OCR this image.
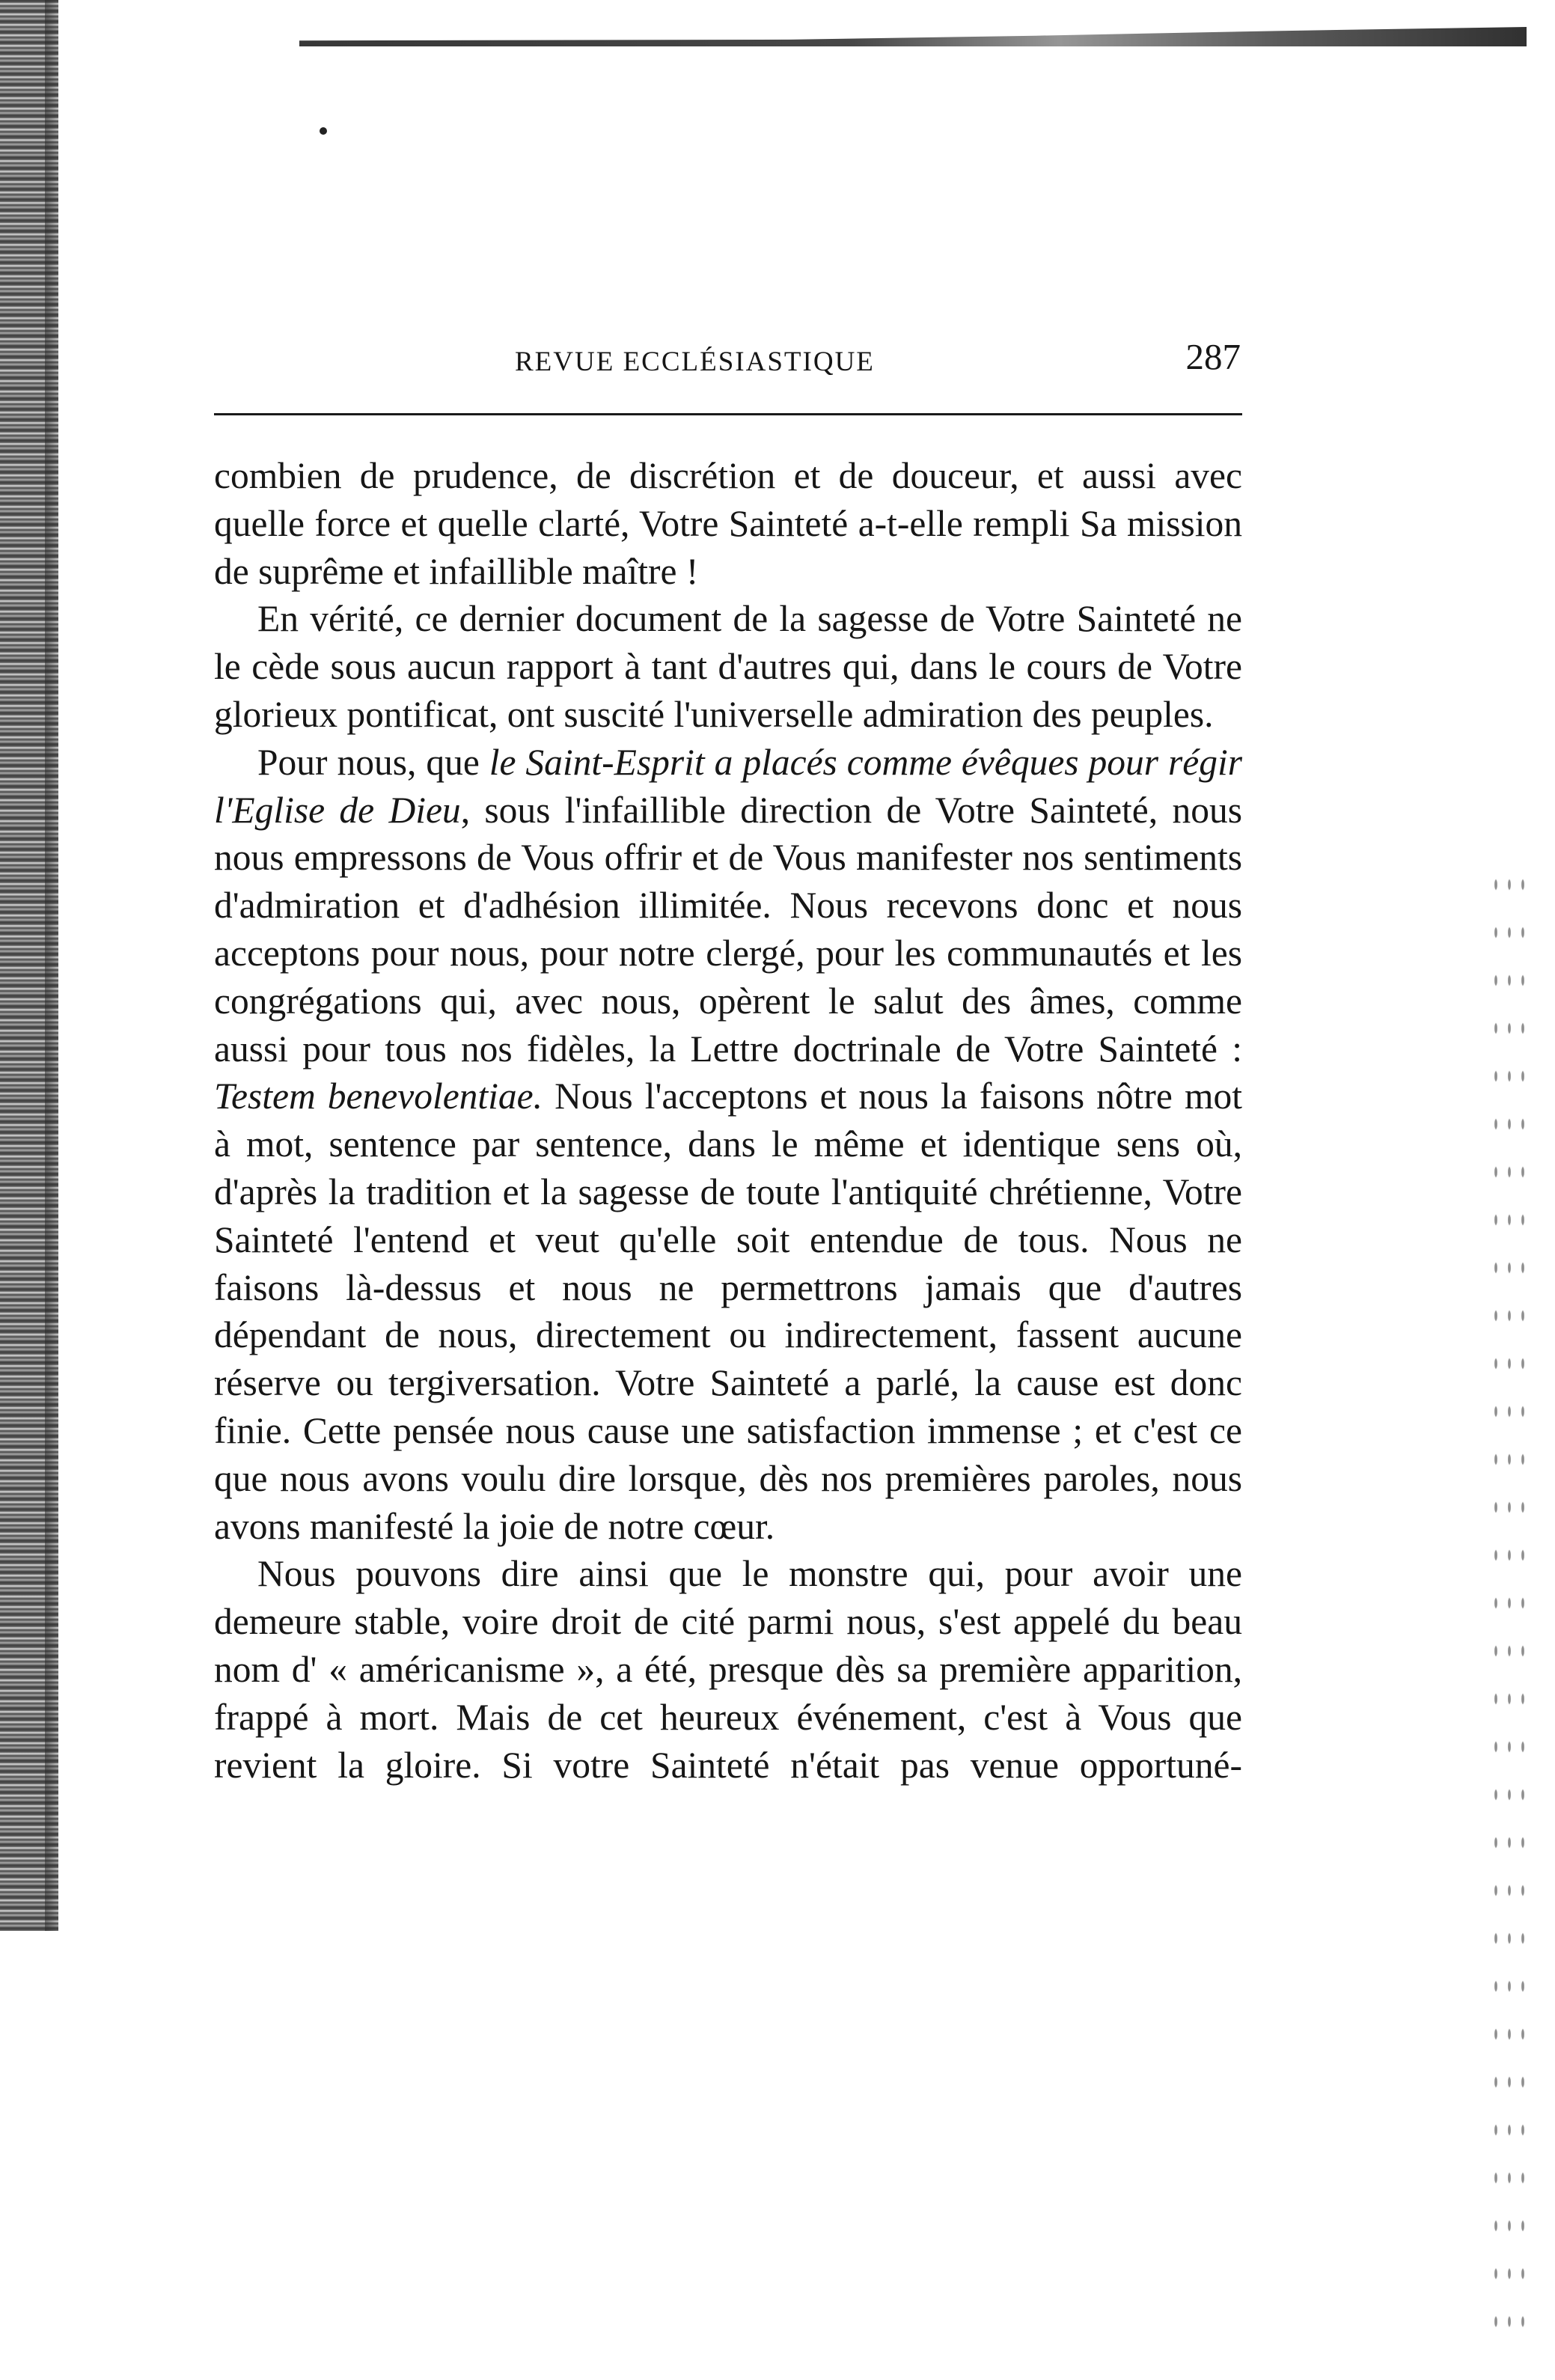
REVUE ECCLÉSIASTIQUE	287

combien de prudence, de discrétion et de douceur, et aussi avec quelle force et quelle clarté, Votre Sainteté a-t-elle rempli Sa mission de suprême et infaillible maître !

En vérité, ce dernier document de la sagesse de Votre Sainteté ne le cède sous aucun rapport à tant d'autres qui, dans le cours de Votre glorieux pontificat, ont suscité l'universelle admiration des peuples.

Pour nous, que le Saint-Esprit a placés comme évêques pour régir l'Eglise de Dieu, sous l'infaillible direction de Votre Sainteté, nous nous empressons de Vous offrir et de Vous manifester nos sentiments d'admiration et d'adhésion illimitée. Nous recevons donc et nous acceptons pour nous, pour notre clergé, pour les communautés et les congrégations qui, avec nous, opèrent le salut des âmes, comme aussi pour tous nos fidèles, la Lettre doctrinale de Votre Sainteté : Testem benevolentiae. Nous l'acceptons et nous la faisons nôtre mot à mot, sentence par sentence, dans le même et identique sens où, d'après la tradition et la sagesse de toute l'antiquité chrétienne, Votre Sainteté l'entend et veut qu'elle soit entendue de tous. Nous ne faisons là-dessus et nous ne permettrons jamais que d'autres dépendant de nous, directement ou indirectement, fassent aucune réserve ou tergiversation. Votre Sainteté a parlé, la cause est donc finie. Cette pensée nous cause une satisfaction immense ; et c'est ce que nous avons voulu dire lorsque, dès nos premières paroles, nous avons manifesté la joie de notre cœur.

Nous pouvons dire ainsi que le monstre qui, pour avoir une demeure stable, voire droit de cité parmi nous, s'est appelé du beau nom d' « américanisme », a été, presque dès sa première apparition, frappé à mort. Mais de cet heureux événement, c'est à Vous que revient la gloire. Si votre Sainteté n'était pas venue opportuné-
